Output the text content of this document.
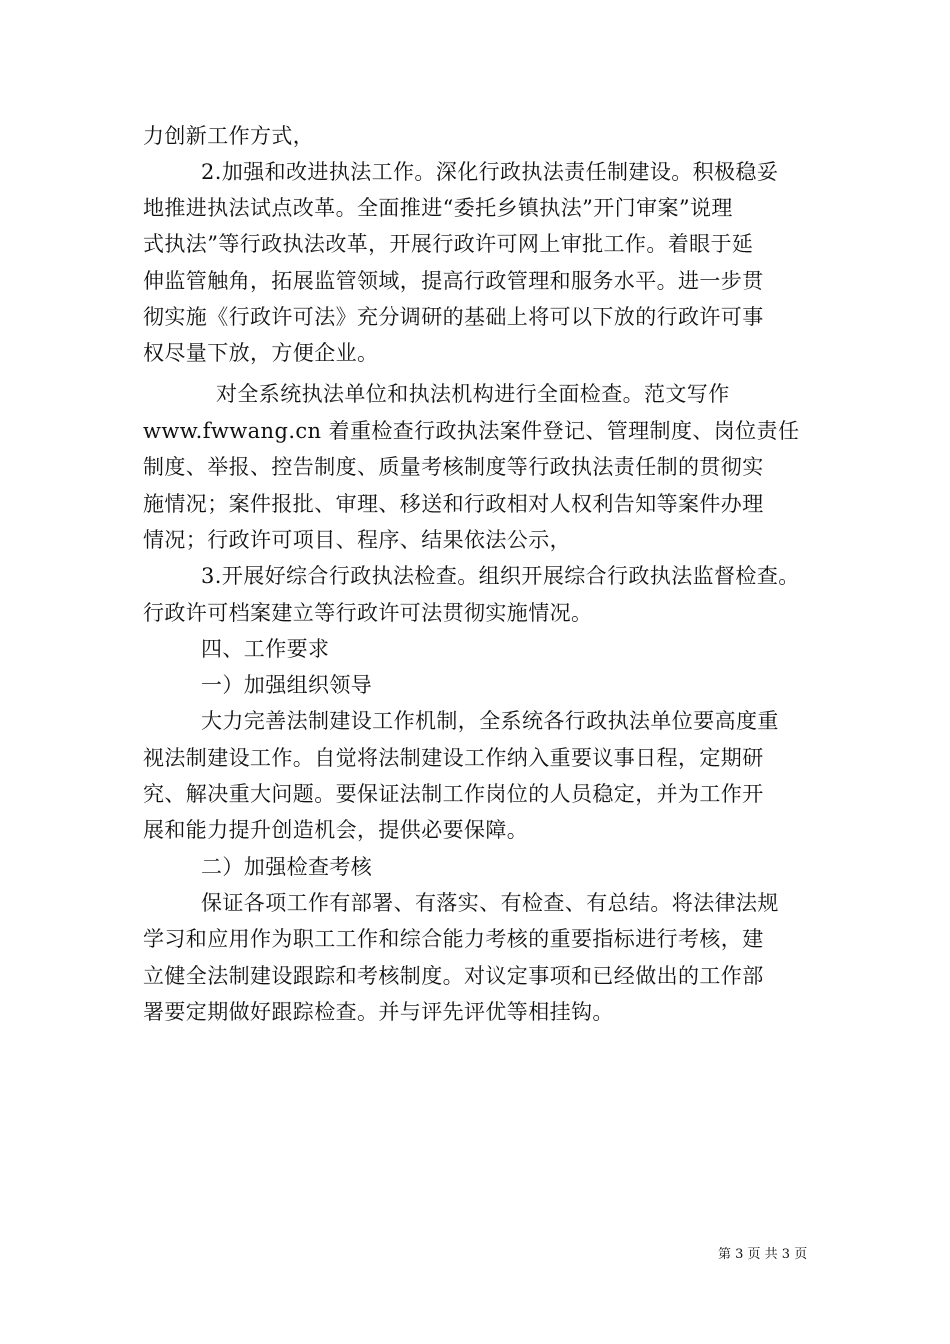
力创新工作方式，
2.加强和改进执法工作。深化行政执法责任制建设。积极稳妥
地推进执法试点改革。全面推进“委托乡镇执法”开门审案”说理
式执法”等行政执法改革，开展行政许可网上审批工作。着眼于延
伸监管触角，拓展监管领域，提高行政管理和服务水平。进一步贯
彻实施《行政许可法》充分调研的基础上将可以下放的行政许可事
权尽量下放，方便企业。
对全系统执法单位和执法机构进行全面检查。范文写作
www.fwwang.cn 着重检查行政执法案件登记、管理制度、岗位责任
制度、举报、控告制度、质量考核制度等行政执法责任制的贯彻实
施情况；案件报批、审理、移送和行政相对人权利告知等案件办理
情况；行政许可项目、程序、结果依法公示，
3.开展好综合行政执法检查。组织开展综合行政执法监督检查。
行政许可档案建立等行政许可法贯彻实施情况。
四、工作要求
一）加强组织领导
大力完善法制建设工作机制，全系统各行政执法单位要高度重
视法制建设工作。自觉将法制建设工作纳入重要议事日程，定期研
究、解决重大问题。要保证法制工作岗位的人员稳定，并为工作开
展和能力提升创造机会，提供必要保障。
二）加强检查考核
保证各项工作有部署、有落实、有检查、有总结。将法律法规
学习和应用作为职工工作和综合能力考核的重要指标进行考核，建
立健全法制建设跟踪和考核制度。对议定事项和已经做出的工作部
署要定期做好跟踪检查。并与评先评优等相挂钩。
第 3 页 共 3 页
